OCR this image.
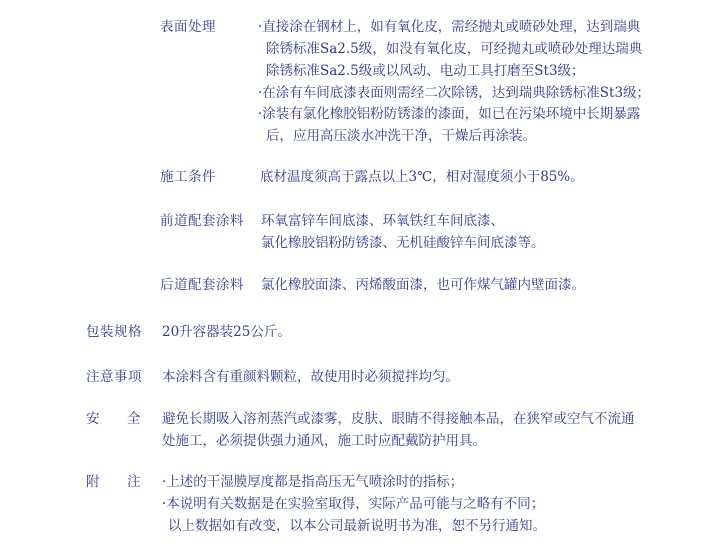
表面处理	·直接涂在钢材上，如有氧化皮，需经抛丸或喷砂处理，达到瑞典
除锈标准Sa2.5级，如没有氧化皮，可经抛丸或喷砂处理达瑞典
除锈标准Sa2.5级或以风动、电动工具打磨至St3级；
·在涂有车间底漆表面则需经二次除锈，达到瑞典除锈标准St3级；
·涂装有氯化橡胶铝粉防锈漆的漆面，如已在污染环境中长期暴露
后，应用高压淡水冲洗干净，干燥后再涂装。
施工条件	底材温度须高于露点以上3℃，相对湿度须小于85%。
前道配套涂料 环氧富锌车间底漆、环氧铁红车间底漆、
氯化橡胶铝粉防锈漆、无机硅酸锌车间底漆等。
后道配套涂料 氯化橡胶面漆、丙烯酸面漆，也可作煤气罐内壁面漆。
包装规格 20升容器装25公斤。
注意事项 本涂料含有重颜料颗粒，故使用时必须搅拌均匀。
安 全 避免长期吸入溶剂蒸汽或漆雾，皮肤、眼睛不得接触本品，在狭窄或空气不流通
处施工，必须提供强力通风，施工时应配戴防护用具。
附 注 ·上述的干湿膜厚度都是指高压无气喷涂时的指标；
·本说明有关数据是在实验室取得，实际产品可能与之略有不同；
以上数据如有改变，以本公司最新说明书为准，恕不另行通知。
